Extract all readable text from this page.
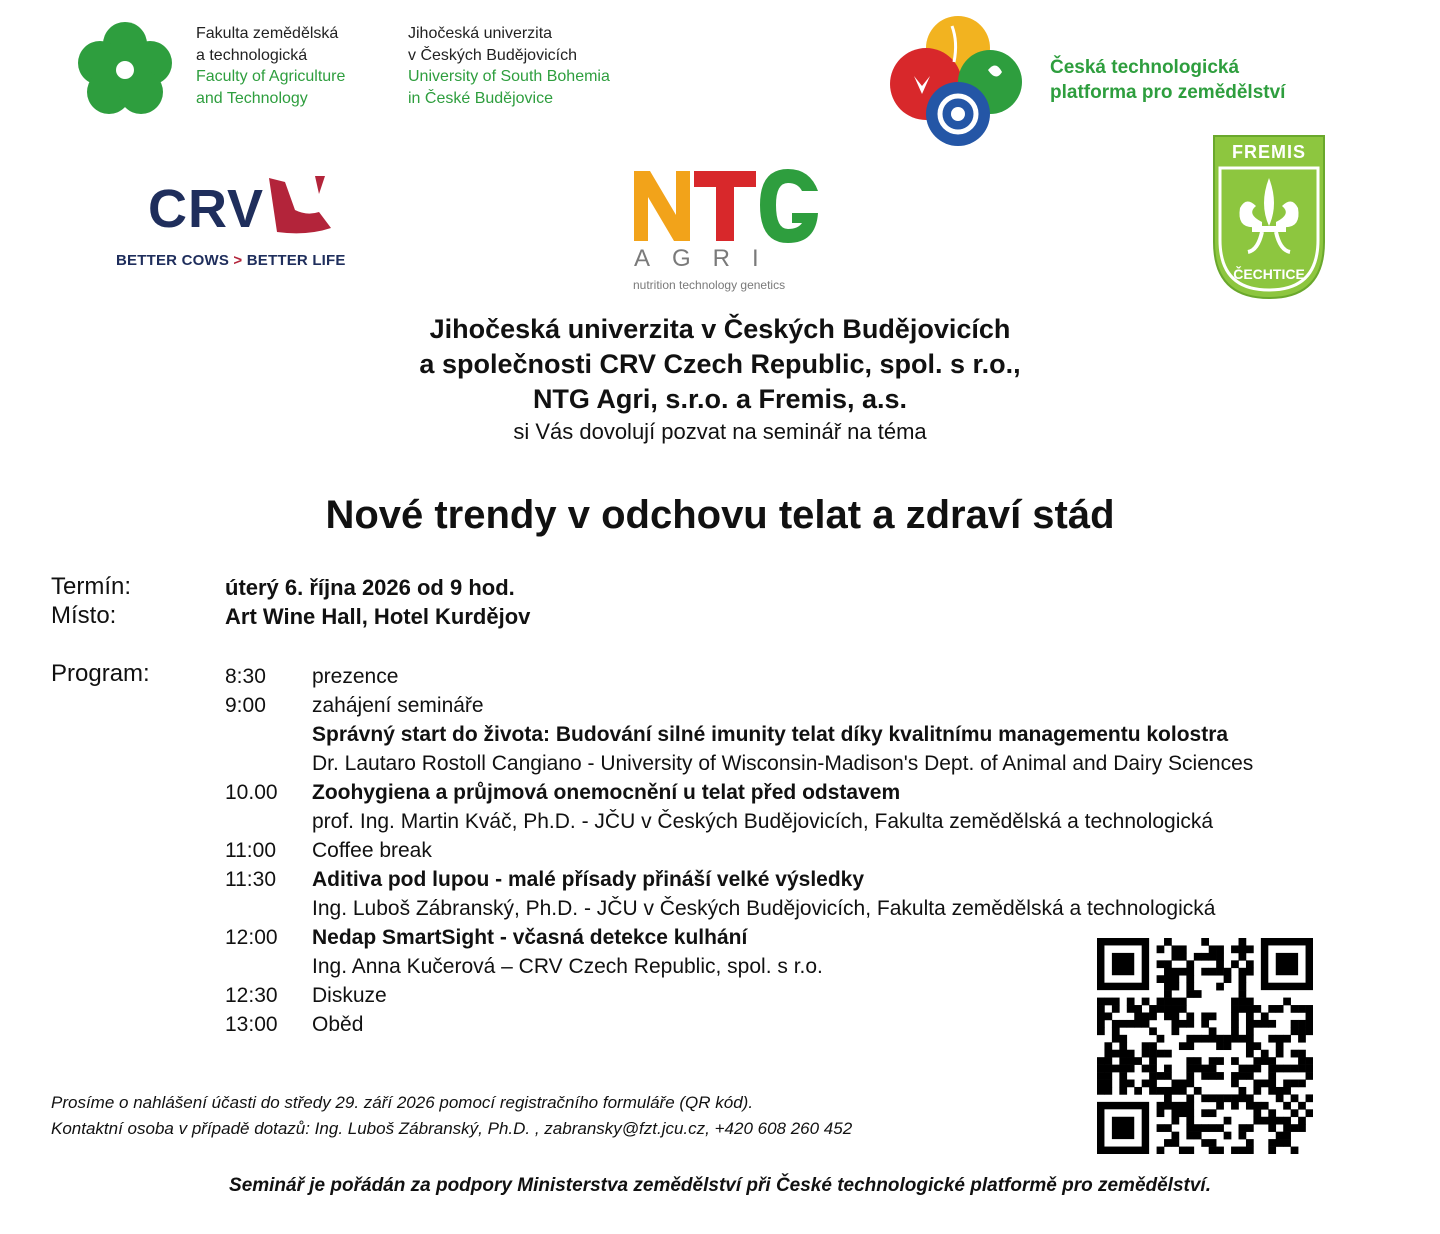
Fakulta zemědělská
a technologická
Faculty of Agriculture
and Technology
Jihočeská univerzita
v Českých Budějovicích
University of South Bohemia
in České Budějovice
Česká technologická
platforma pro zemědělství
CRV
BETTER COWS > BETTER LIFE	AGRI
nutrition technology genetics
FREMIS
ČECHTICE
Jihočeská univerzita v Českých Budějovicích
a společnosti CRV Czech Republic, spol. s r.o.,
NTG Agri, s.r.o. a Fremis, a.s.
si Vás dovolují pozvat na seminář na téma
Nové trendy v odchovu telat a zdraví stád
Termín:	úterý 6. října 2026 od 9 hod.
Místo:	Art Wine Hall, Hotel Kurdějov
Program:	8:30	prezence
9:00	zahájení semináře
Správný start do života: Budování silné imunity telat díky kvalitnímu managementu kolostra
Dr. Lautaro Rostoll Cangiano - University of Wisconsin-Madison's Dept. of Animal and Dairy Sciences
10.00	Zoohygiena a průjmová onemocnění u telat před odstavem
prof. Ing. Martin Kváč, Ph.D. - JČU v Českých Budějovicích, Fakulta zemědělská a technologická
11:00	Coffee break
11:30	Aditiva pod lupou - malé přísady přináší velké výsledky
Ing. Luboš Zábranský, Ph.D. - JČU v Českých Budějovicích, Fakulta zemědělská a technologická
12:00	Nedap SmartSight - včasná detekce kulhání
Ing. Anna Kučerová – CRV Czech Republic, spol. s r.o.
12:30	Diskuze
13:00	Oběd
Prosíme o nahlášení účasti do středy 29. září 2026 pomocí registračního formuláře (QR kód).
Kontaktní osoba v případě dotazů: Ing. Luboš Zábranský, Ph.D. , zabransky@fzt.jcu.cz, +420 608 260 452
Seminář je pořádán za podpory Ministerstva zemědělství při České technologické platformě pro zemědělství.
